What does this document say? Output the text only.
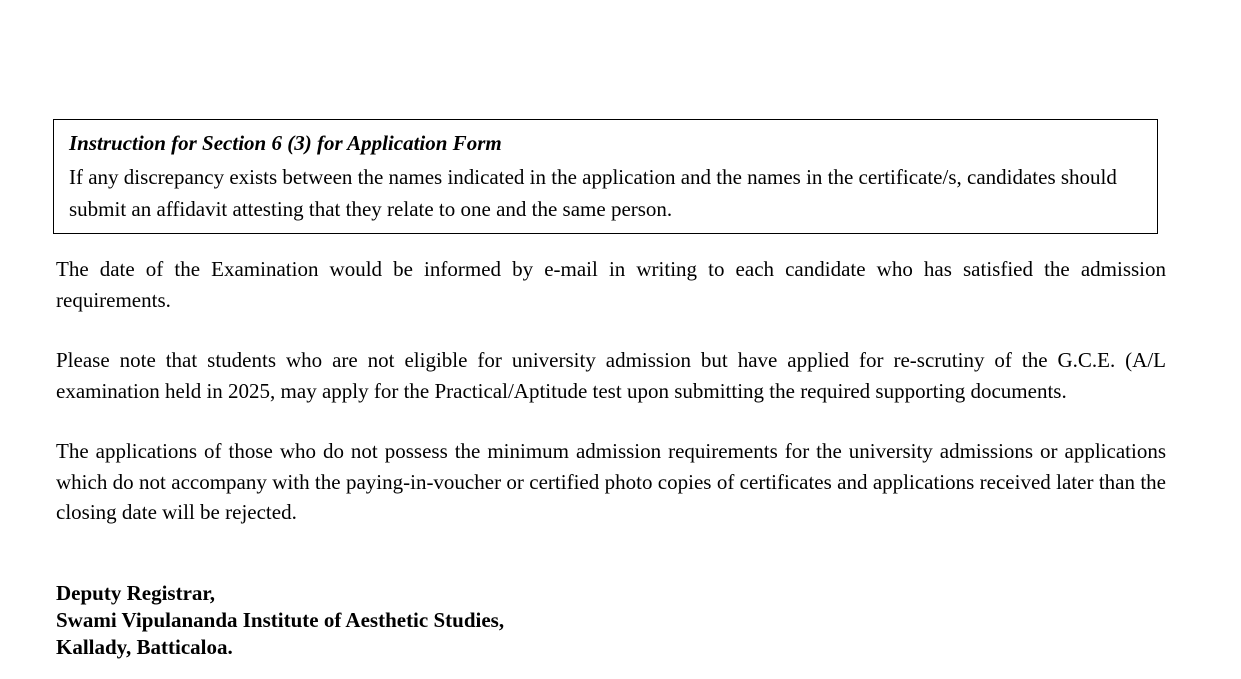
Instruction for Section 6 (3) for Application Form

If any discrepancy exists between the names indicated in the application and the names in the certificate/s, candidates should submit an affidavit attesting that they relate to one and the same person.

The date of the Examination would be informed by e-mail in writing to each candidate who has satisfied the admission requirements.

Please note that students who are not eligible for university admission but have applied for re-scrutiny of the G.C.E. (A/L examination held in 2025, may apply for the Practical/Aptitude test upon submitting the required supporting documents.

The applications of those who do not possess the minimum admission requirements for the university admissions or applications which do not accompany with the paying-in-voucher or certified photo copies of certificates and applications received later than the closing date will be rejected.

Deputy Registrar,
Swami Vipulananda Institute of Aesthetic Studies,
Kallady, Batticaloa.
